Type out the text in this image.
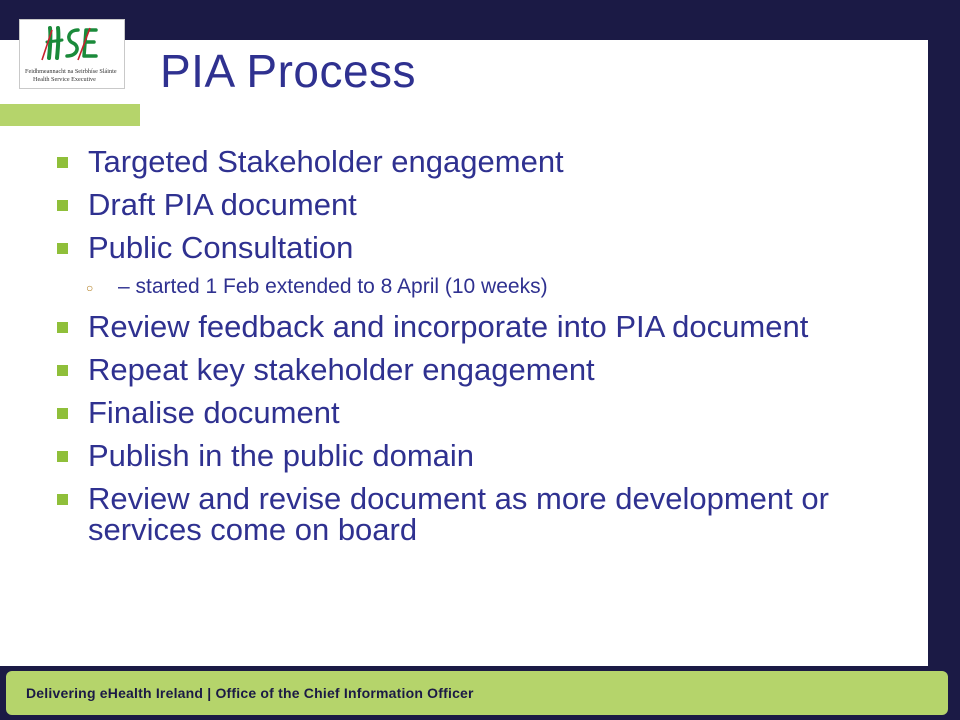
Feidhmeannacht na Seirbhíse Sláinte
Health Service Executive PIA Process
Targeted Stakeholder engagement
Draft PIA document
Public Consultation
○ – started 1 Feb extended to 8 April (10 weeks)
Review feedback and incorporate into PIA document
Repeat key stakeholder engagement
Finalise document
Publish in the public domain
Review and revise document as more development or services come on board
Delivering eHealth Ireland | Office of the Chief Information Officer
